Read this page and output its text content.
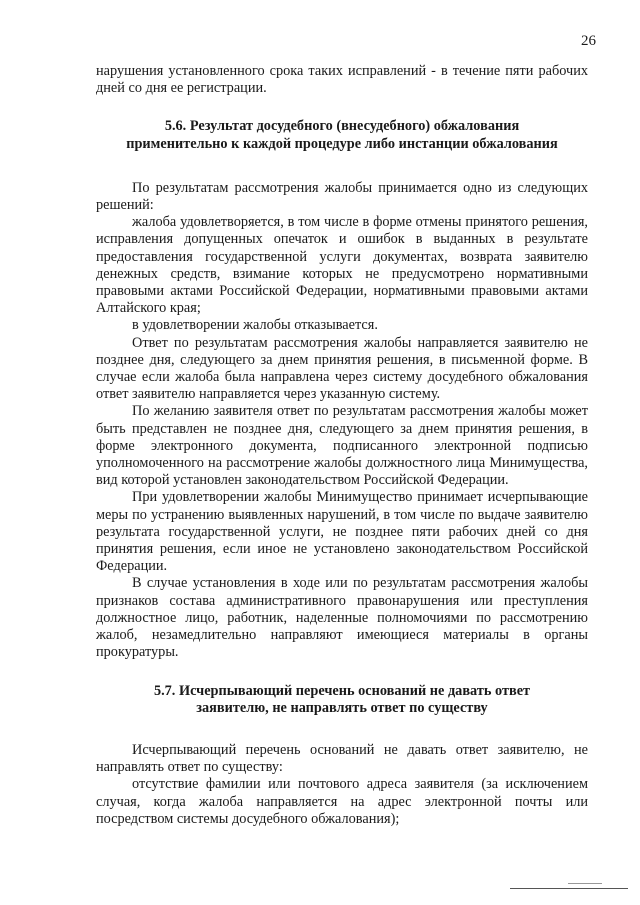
26

нарушения установленного срока таких исправлений - в течение пяти рабочих дней со дня ее регистрации.

5.6. Результат досудебного (внесудебного) обжалования

применительно к каждой процедуре либо инстанции обжалования

По результатам рассмотрения жалобы принимается одно из следующих решений:

жалоба удовлетворяется, в том числе в форме отмены принятого решения, исправления допущенных опечаток и ошибок в выданных в результате предоставления государственной услуги документах, возврата заявителю денежных средств, взимание которых не предусмотрено нормативными правовыми актами Российской Федерации, нормативными правовыми актами Алтайского края;

в удовлетворении жалобы отказывается.

Ответ по результатам рассмотрения жалобы направляется заявителю не позднее дня, следующего за днем принятия решения, в письменной форме. В случае если жалоба была направлена через систему досудебного обжалования ответ заявителю направляется через указанную систему.

По желанию заявителя ответ по результатам рассмотрения жалобы может быть представлен не позднее дня, следующего за днем принятия решения, в форме электронного документа, подписанного электронной подписью уполномоченного на рассмотрение жалобы должностного лица Минимущества, вид которой установлен законодательством Российской Федерации.

При удовлетворении жалобы Минимущество принимает исчерпывающие меры по устранению выявленных нарушений, в том числе по выдаче заявителю результата государственной услуги, не позднее пяти рабочих дней со дня принятия решения, если иное не установлено законодательством Российской Федерации.

В случае установления в ходе или по результатам рассмотрения жалобы признаков состава административного правонарушения или преступления должностное лицо, работник, наделенные полномочиями по рассмотрению жалоб, незамедлительно направляют имеющиеся материалы в органы прокуратуры.

5.7. Исчерпывающий перечень оснований не давать ответ

заявителю, не направлять ответ по существу

Исчерпывающий перечень оснований не давать ответ заявителю, не направлять ответ по существу:

отсутствие фамилии или почтового адреса заявителя (за исключением случая, когда жалоба направляется на адрес электронной почты или посредством системы досудебного обжалования);
